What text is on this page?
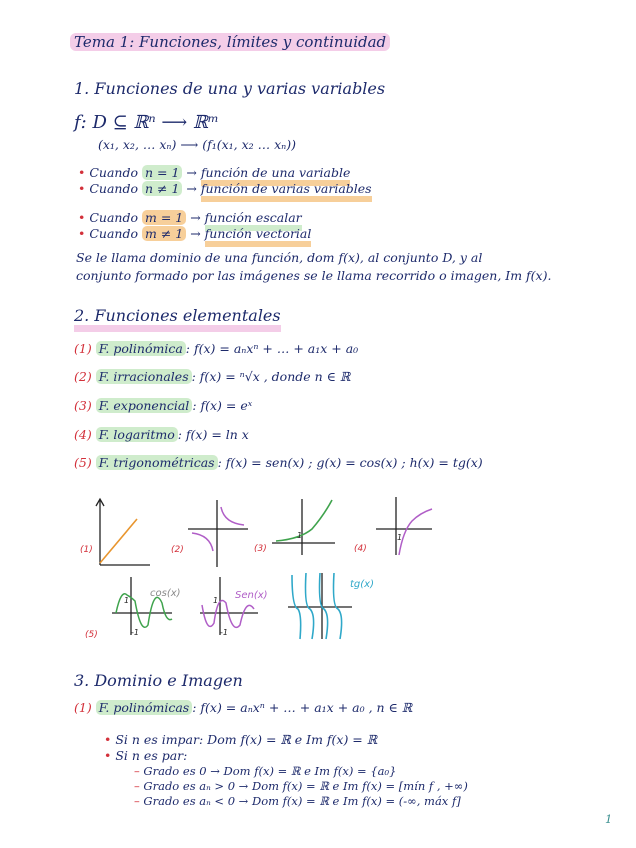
Tema 1: Funciones, límites y continuidad
1. Funciones de una y varias variables
f: D ⊆ ℝⁿ ⟶ ℝᵐ
(x₁, x₂, … xₙ) ⟶ (f₁(x₁, x₂ … xₙ))
• Cuando n = 1 → función de una variable
• Cuando n ≠ 1 → función de varias variables
• Cuando m = 1 → función escalar
• Cuando m ≠ 1 → función vectorial
Se le llama dominio de una función, dom f(x), al conjunto D, y al
conjunto formado por las imágenes se le llama recorrido o imagen, Im f(x).
2. Funciones elementales
(1) F. polinómica : f(x) = aₙxⁿ + … + a₁x + a₀
(2) F. irracionales : f(x) = ⁿ√x , donde n ∈ ℝ
(3) F. exponencial : f(x) = eˣ
(4) F. logaritmo : f(x) = ln x
(5) F. trigonométricas : f(x) = sen(x) ; g(x) = cos(x) ; h(x) = tg(x)
(1)	(2)	(3)	(4)
(5)
1	1
1
-1
1
-1
cos(x)	Sen(x)
tg(x)
3. Dominio e Imagen
(1) F. polinómicas : f(x) = aₙxⁿ + … + a₁x + a₀ , n ∈ ℝ
• Si n es impar: Dom f(x) = ℝ e Im f(x) = ℝ
• Si n es par:
– Grado es 0 → Dom f(x) = ℝ e Im f(x) = {a₀}
– Grado es aₙ > 0 → Dom f(x) = ℝ e Im f(x) = [mín f , +∞)
– Grado es aₙ < 0 → Dom f(x) = ℝ e Im f(x) = (-∞, máx f]
1
